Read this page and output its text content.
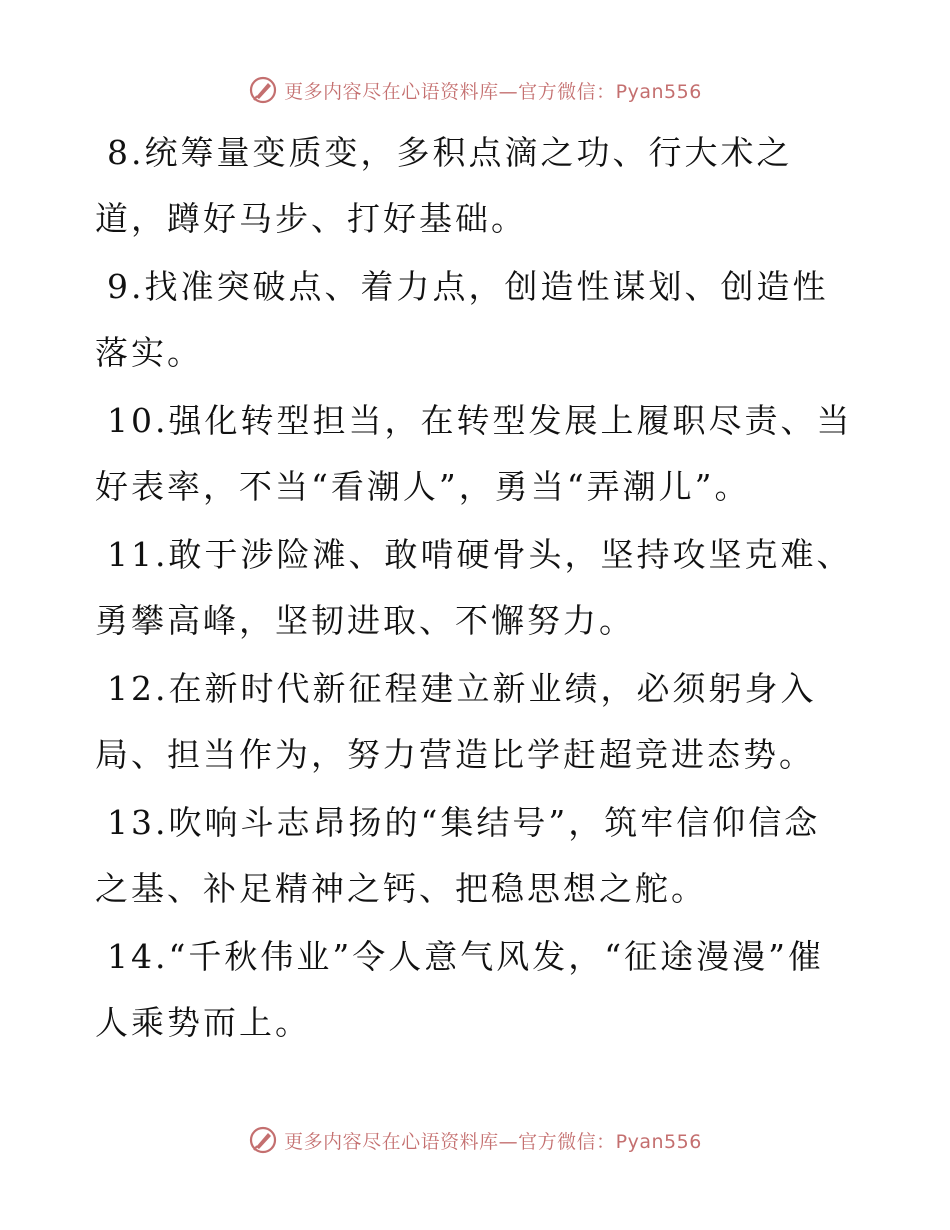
更多内容尽在心语资料库—官方微信：Pyan556

8.统筹量变质变，多积点滴之功、行大术之道，蹲好马步、打好基础。

9.找准突破点、着力点，创造性谋划、创造性落实。

10.强化转型担当，在转型发展上履职尽责、当好表率，不当“看潮人”，勇当“弄潮儿”。

11.敢于涉险滩、敢啃硬骨头，坚持攻坚克难、勇攀高峰，坚韧进取、不懈努力。

12.在新时代新征程建立新业绩，必须躬身入局、担当作为，努力营造比学赶超竞进态势。

13.吹响斗志昂扬的“集结号”，筑牢信仰信念之基、补足精神之钙、把稳思想之舵。

14.“千秋伟业”令人意气风发，“征途漫漫”催人乘势而上。

更多内容尽在心语资料库—官方微信：Pyan556
